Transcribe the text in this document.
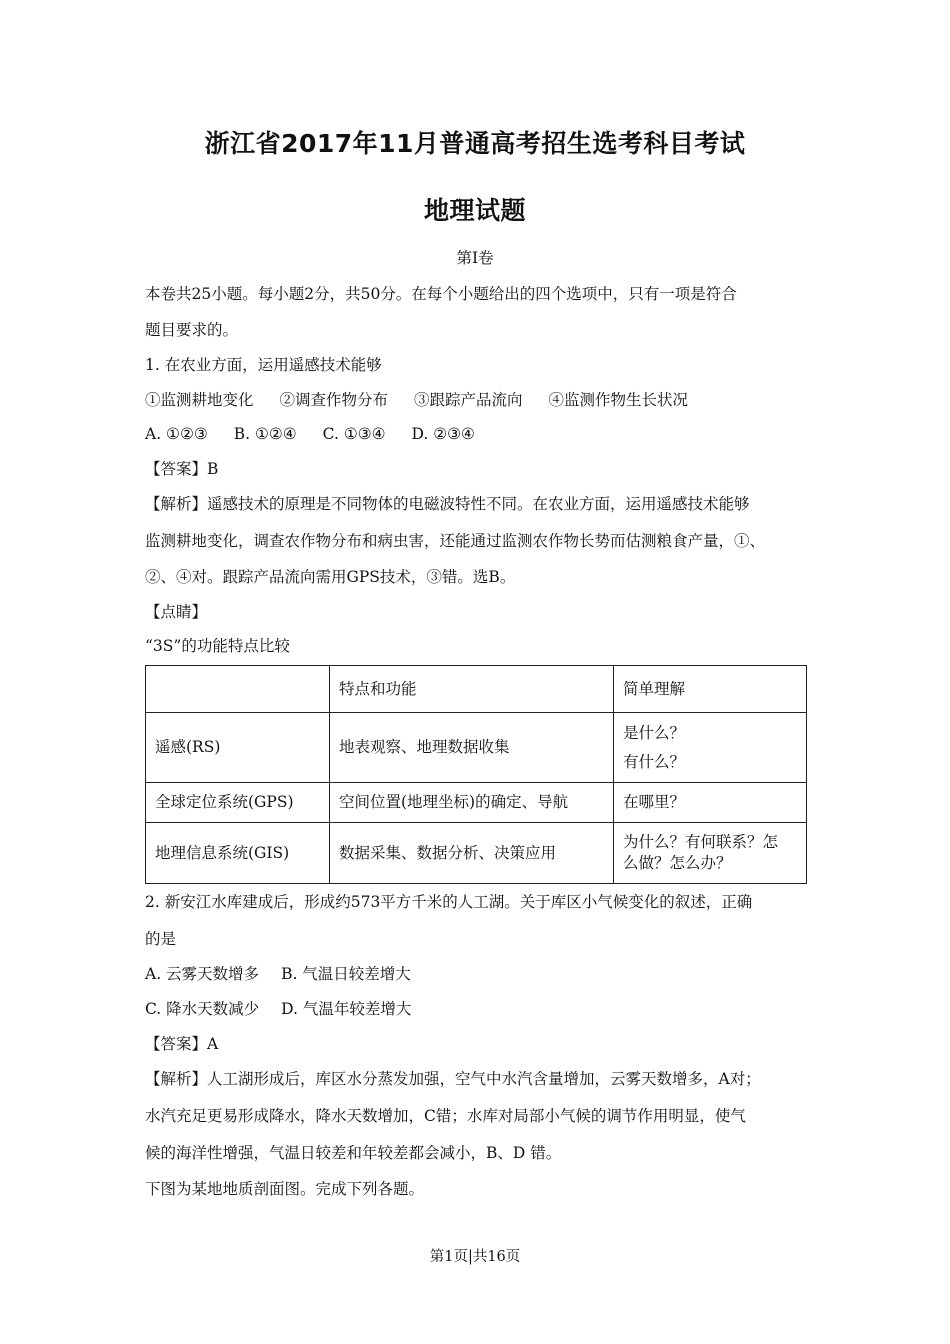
浙江省2017年11月普通高考招生选考科目考试
地理试题
第Ⅰ卷
本卷共25小题。每小题2分，共50分。在每个小题给出的四个选项中，只有一项是符合
题目要求的。
1. 在农业方面，运用遥感技术能够
①监测耕地变化 ②调查作物分布 ③跟踪产品流向 ④监测作物生长状况
A. ①②③ B. ①②④ C. ①③④ D. ②③④
【答案】B
【解析】遥感技术的原理是不同物体的电磁波特性不同。在农业方面，运用遥感技术能够
监测耕地变化，调查农作物分布和病虫害，还能通过监测农作物长势而估测粮食产量，①、
②、④对。跟踪产品流向需用GPS技术，③错。选B。
【点睛】
“3S”的功能特点比较
	特点和功能	简单理解
遥感(RS)	地表观察、地理数据收集	是什么？
有什么？

全球定位系统(GPS)	空间位置(地理坐标)的确定、导航	在哪里？
地理信息系统(GIS)	数据采集、数据分析、决策应用	为什么？有何联系？怎
么做？怎么办？
2. 新安江水库建成后，形成约573平方千米的人工湖。关于库区小气候变化的叙述，正确
的是
A. 云雾天数增多 B. 气温日较差增大
C. 降水天数减少 D. 气温年较差增大
【答案】A
【解析】人工湖形成后，库区水分蒸发加强，空气中水汽含量增加，云雾天数增多，A对；
水汽充足更易形成降水，降水天数增加，C错；水库对局部小气候的调节作用明显，使气
候的海洋性增强，气温日较差和年较差都会减小，B、D 错。
下图为某地地质剖面图。完成下列各题。
第1页|共16页
